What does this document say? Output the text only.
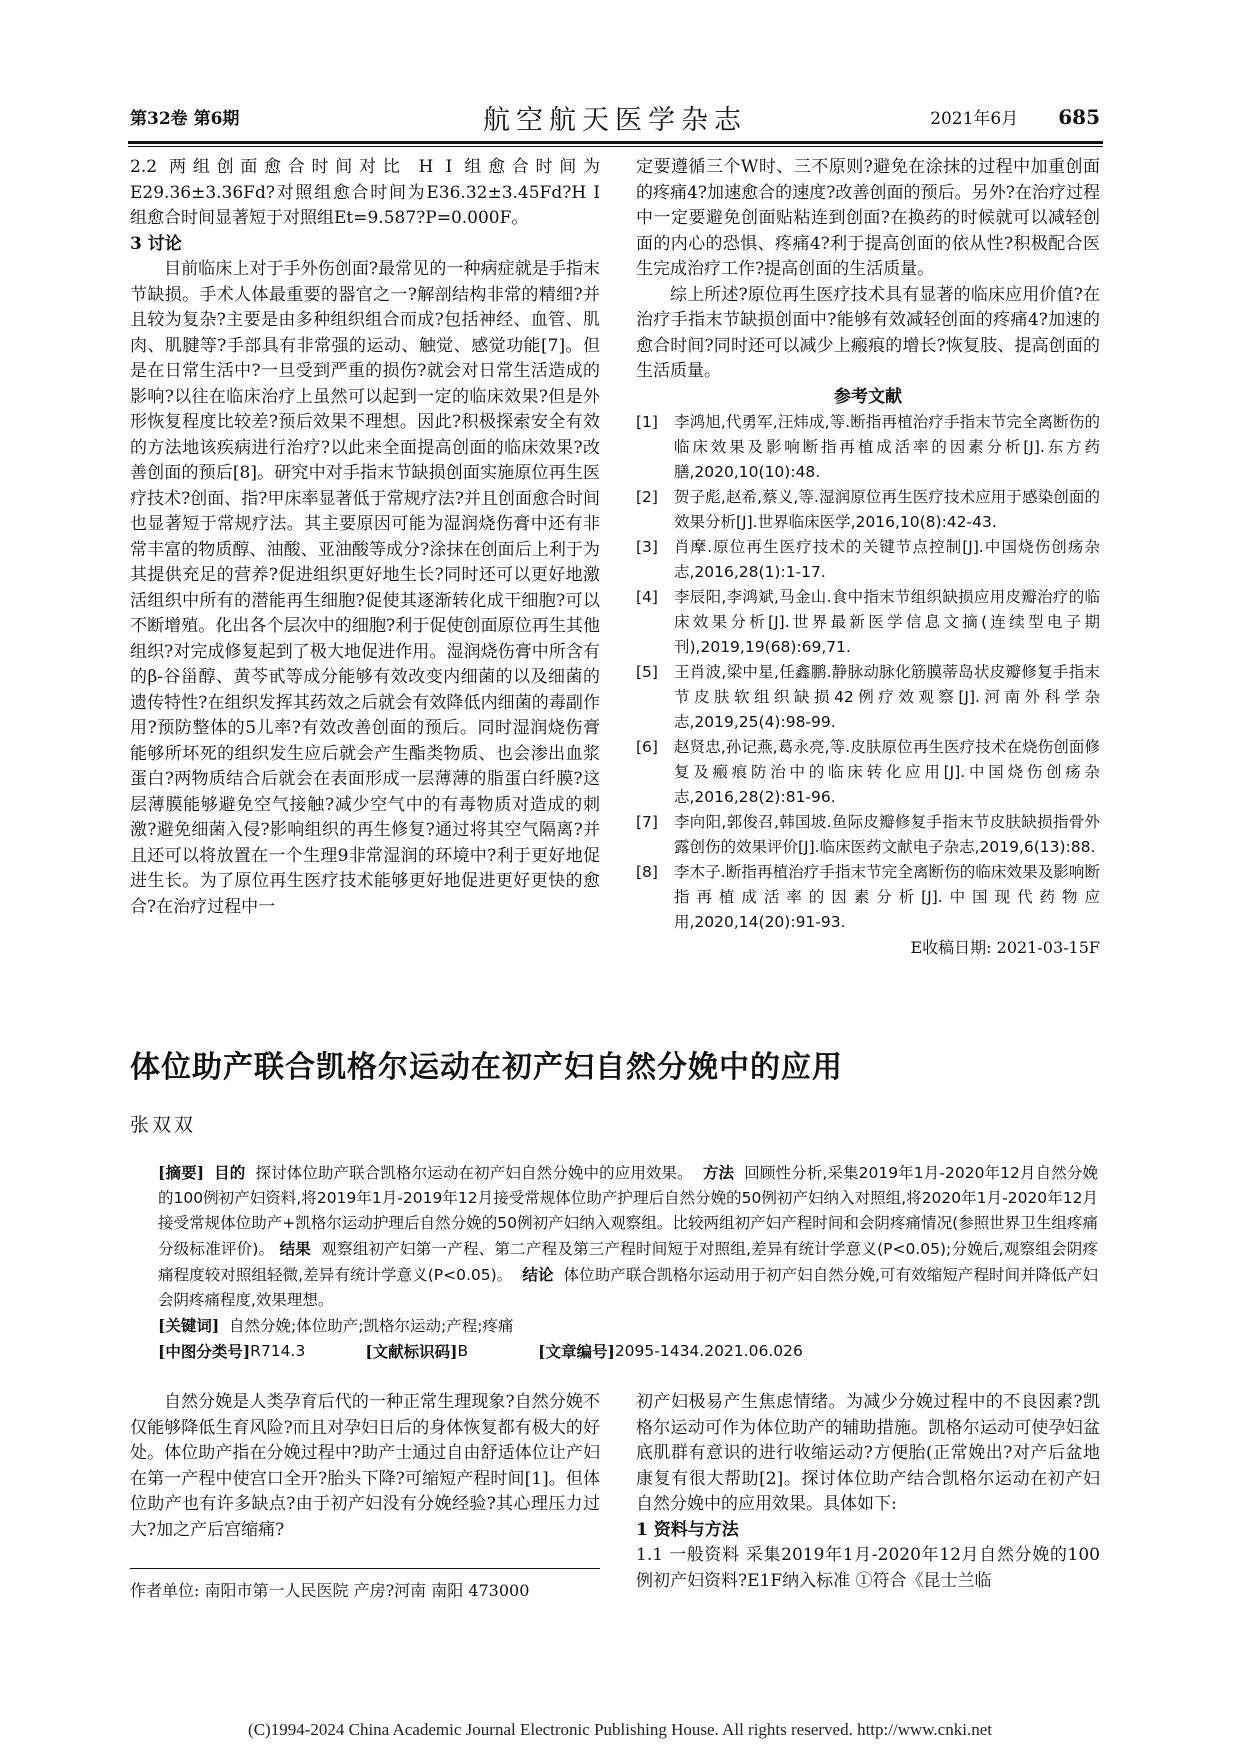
第32卷 第6期	航空航天医学杂志	2021年6月 685

2.2 两组创面愈合时间对比 H I 组愈合时间为E29.36±3.36Fd?对照组愈合时间为E36.32±3.45Fd?H I 组愈合时间显著短于对照组Et=9.587?P=0.000F。

3 讨论

目前临床上对于手外伤创面?最常见的一种病症就是手指末节缺损。手术人体最重要的器官之一?解剖结构非常的精细?并且较为复杂?主要是由多种组织组合而成?包括神经、血管、肌肉、肌腱等?手部具有非常强的运动、触觉、感觉功能[7]。但是在日常生活中?一旦受到严重的损伤?就会对日常生活造成的影响?以往在临床治疗上虽然可以起到一定的临床效果?但是外形恢复程度比较差?预后效果不理想。因此?积极探索安全有效的方法地该疾病进行治疗?以此来全面提高创面的临床效果?改善创面的预后[8]。研究中对手指末节缺损创面实施原位再生医疗技术?创面、指?甲床率显著低于常规疗法?并且创面愈合时间也显著短于常规疗法。其主要原因可能为湿润烧伤膏中还有非常丰富的物质醇、油酸、亚油酸等成分?涂抹在创面后上利于为其提供充足的营养?促进组织更好地生长?同时还可以更好地激活组织中所有的潜能再生细胞?促使其逐渐转化成干细胞?可以不断增殖。化出各个层次中的细胞?利于促使创面原位再生其他组织?对完成修复起到了极大地促进作用。湿润烧伤膏中所含有的β-谷甾醇、黄芩甙等成分能够有效改变内细菌的以及细菌的遗传特性?在组织发挥其药效之后就会有效降低内细菌的毒副作用?预防整体的5儿率?有效改善创面的预后。同时湿润烧伤膏能够所坏死的组织发生应后就会产生酯类物质、也会渗出血浆蛋白?两物质结合后就会在表面形成一层薄薄的脂蛋白纤膜?这层薄膜能够避免空气接触?减少空气中的有毒物质对造成的刺激?避免细菌入侵?影响组织的再生修复?通过将其空气隔离?并且还可以将放置在一个生理9非常湿润的环境中?利于更好地促进生长。为了原位再生医疗技术能够更好地促进更好更快的愈合?在治疗过程中一

定要遵循三个W时、三不原则?避免在涂抹的过程中加重创面的疼痛4?加速愈合的速度?改善创面的预后。另外?在治疗过程中一定要避免创面贴粘连到创面?在换药的时候就可以减轻创面的内心的恐惧、疼痛4?利于提高创面的依从性?积极配合医生完成治疗工作?提高创面的生活质量。

综上所述?原位再生医疗技术具有显著的临床应用价值?在治疗手指末节缺损创面中?能够有效减轻创面的疼痛4?加速的愈合时间?同时还可以减少上瘢痕的增长?恢复肢、提高创面的生活质量。

参考文献

[1] 李鸿旭,代勇军,汪炜成,等.断指再植治疗手指末节完全离断伤的临床效果及影响断指再植成活率的因素分析[J].东方药膳,2020,10(10):48.
[2] 贺子彪,赵希,蔡义,等.湿润原位再生医疗技术应用于感染创面的效果分析[J].世界临床医学,2016,10(8):42-43.
[3] 肖摩.原位再生医疗技术的关键节点控制[J].中国烧伤创疡杂志,2016,28(1):1-17.
[4] 李辰阳,李鸿斌,马金山.食中指末节组织缺损应用皮瓣治疗的临床效果分析[J].世界最新医学信息文摘(连续型电子期刊),2019,19(68):69,71.
[5] 王肖波,梁中星,任鑫鹏.静脉动脉化筋膜蒂岛状皮瓣修复手指末节皮肤软组织缺损42例疗效观察[J].河南外科学杂志,2019,25(4):98-99.
[6] 赵贤忠,孙记燕,葛永亮,等.皮肤原位再生医疗技术在烧伤创面修复及瘢痕防治中的临床转化应用[J].中国烧伤创疡杂志,2016,28(2):81-96.
[7] 李向阳,郭俊召,韩国坡.鱼际皮瓣修复手指末节皮肤缺损指骨外露创伤的效果评价[J].临床医药文献电子杂志,2019,6(13):88.
[8] 李木子.断指再植治疗手指末节完全离断伤的临床效果及影响断指再植成活率的因素分析[J].中国现代药物应用,2020,14(20):91-93.

E收稿日期: 2021-03-15F

体位助产联合凯格尔运动在初产妇自然分娩中的应用
张双双

[摘要] 目的 探讨体位助产联合凯格尔运动在初产妇自然分娩中的应用效果。 方法 回顾性分析,采集2019年1月-2020年12月自然分娩的100例初产妇资料,将2019年1月-2019年12月接受常规体位助产护理后自然分娩的50例初产妇纳入对照组,将2020年1月-2020年12月接受常规体位助产+凯格尔运动护理后自然分娩的50例初产妇纳入观察组。比较两组初产妇产程时间和会阴疼痛情况(参照世界卫生组疼痛分级标准评价)。 结果 观察组初产妇第一产程、第二产程及第三产程时间短于对照组,差异有统计学意义(P<0.05);分娩后,观察组会阴疼痛程度较对照组轻微,差异有统计学意义(P<0.05)。 结论 体位助产联合凯格尔运动用于初产妇自然分娩,可有效缩短产程时间并降低产妇会阴疼痛程度,效果理想。

[关键词] 自然分娩;体位助产;凯格尔运动;产程;疼痛

[中图分类号] R714.3	[文献标识码] B	[文章编号] 2095-1434.2021.06.026

自然分娩是人类孕育后代的一种正常生理现象?自然分娩不仅能够降低生育风险?而且对孕妇日后的身体恢复都有极大的好处。体位助产指在分娩过程中?助产士通过自由舒适体位让产妇在第一产程中使宫口全开?胎头下降?可缩短产程时间[1]。但体位助产也有许多缺点?由于初产妇没有分娩经验?其心理压力过大?加之产后宫缩痛?

初产妇极易产生焦虑情绪。为减少分娩过程中的不良因素?凯格尔运动可作为体位助产的辅助措施。凯格尔运动可使孕妇盆底肌群有意识的进行收缩运动?方便胎(正常娩出?对产后盆地康复有很大帮助[2]。探讨体位助产结合凯格尔运动在初产妇自然分娩中的应用效果。具体如下:

1 资料与方法

1.1 一般资料 采集2019年1月-2020年12月自然分娩的100例初产妇资料?E1F纳入标准 ①符合《昆士兰临

作者单位: 南阳市第一人民医院 产房?河南 南阳 473000
(C)1994-2024 China Academic Journal Electronic Publishing House. All rights reserved. http://www.cnki.net
